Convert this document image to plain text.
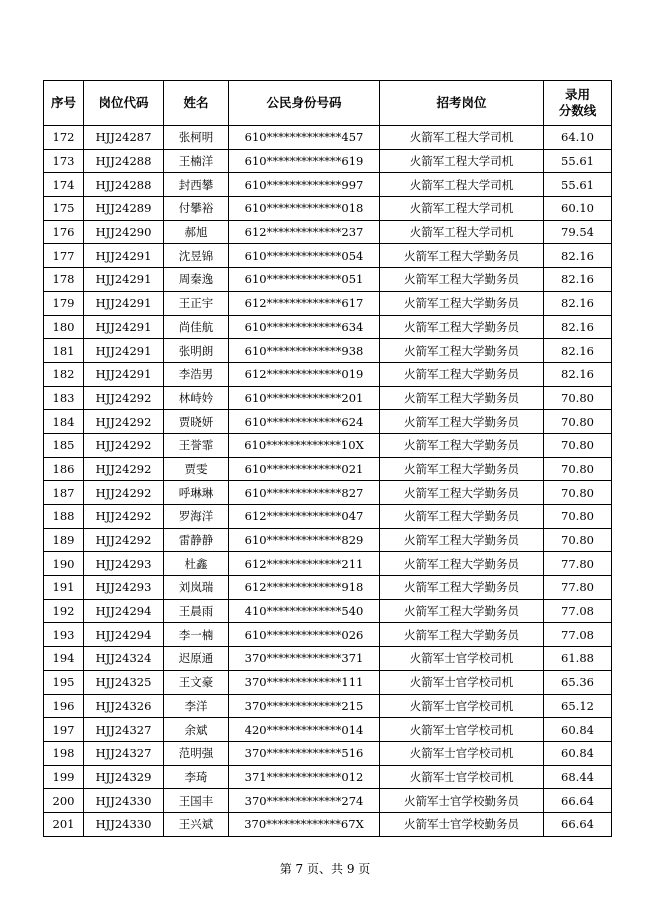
序号	岗位代码	姓名	公民身份号码	招考岗位	录用
分数线
172	HJJ24287	张柯明	610*************457	火箭军工程大学司机	64.10
173	HJJ24288	王楠洋	610*************619	火箭军工程大学司机	55.61
174	HJJ24288	封西攀	610*************997	火箭军工程大学司机	55.61
175	HJJ24289	付攀裕	610*************018	火箭军工程大学司机	60.10
176	HJJ24290	郝旭	612*************237	火箭军工程大学司机	79.54
177	HJJ24291	沈昱锦	610*************054	火箭军工程大学勤务员	82.16
178	HJJ24291	周秦逸	610*************051	火箭军工程大学勤务员	82.16
179	HJJ24291	王正宇	612*************617	火箭军工程大学勤务员	82.16
180	HJJ24291	尚佳航	610*************634	火箭军工程大学勤务员	82.16
181	HJJ24291	张明朗	610*************938	火箭军工程大学勤务员	82.16
182	HJJ24291	李浩男	612*************019	火箭军工程大学勤务员	82.16
183	HJJ24292	林峙妗	610*************201	火箭军工程大学勤务员	70.80
184	HJJ24292	贾晓妍	610*************624	火箭军工程大学勤务员	70.80
185	HJJ24292	王誉霏	610*************10X	火箭军工程大学勤务员	70.80
186	HJJ24292	贾雯	610*************021	火箭军工程大学勤务员	70.80
187	HJJ24292	呼琳琳	610*************827	火箭军工程大学勤务员	70.80
188	HJJ24292	罗海洋	612*************047	火箭军工程大学勤务员	70.80
189	HJJ24292	雷静静	610*************829	火箭军工程大学勤务员	70.80
190	HJJ24293	杜鑫	612*************211	火箭军工程大学勤务员	77.80
191	HJJ24293	刘岚瑞	612*************918	火箭军工程大学勤务员	77.80
192	HJJ24294	王晨雨	410*************540	火箭军工程大学勤务员	77.08
193	HJJ24294	李一楠	610*************026	火箭军工程大学勤务员	77.08
194	HJJ24324	迟原通	370*************371	火箭军士官学校司机	61.88
195	HJJ24325	王文豪	370*************111	火箭军士官学校司机	65.36
196	HJJ24326	李洋	370*************215	火箭军士官学校司机	65.12
197	HJJ24327	余斌	420*************014	火箭军士官学校司机	60.84
198	HJJ24327	范明强	370*************516	火箭军士官学校司机	60.84
199	HJJ24329	李琦	371*************012	火箭军士官学校司机	68.44
200	HJJ24330	王国丰	370*************274	火箭军士官学校勤务员	66.64
201	HJJ24330	王兴斌	370*************67X	火箭军士官学校勤务员	66.64
第 7 页、共 9 页
